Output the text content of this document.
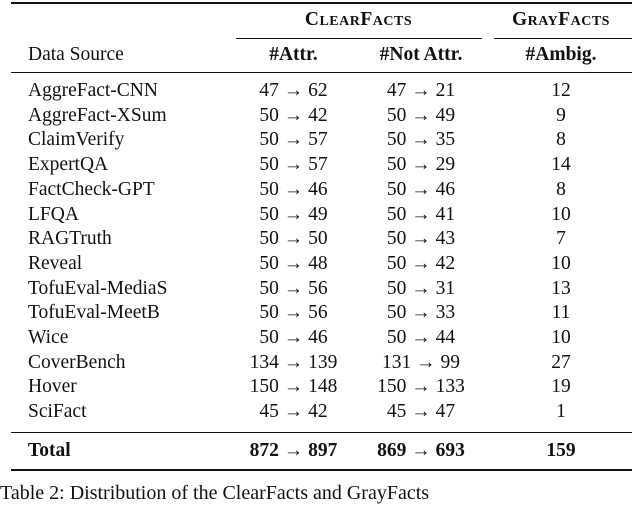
ClearFacts	GrayFacts
Data Source	#Attr.	#Not Attr.	#Ambig.
AggreFact-CNN	47 → 62	47 → 21	12
AggreFact-XSum	50 → 42	50 → 49	9
ClaimVerify	50 → 57	50 → 35	8
ExpertQA	50 → 57	50 → 29	14
FactCheck-GPT	50 → 46	50 → 46	8
LFQA	50 → 49	50 → 41	10
RAGTruth	50 → 50	50 → 43	7
Reveal	50 → 48	50 → 42	10
TofuEval-MediaS	50 → 56	50 → 31	13
TofuEval-MeetB	50 → 56	50 → 33	11
Wice	50 → 46	50 → 44	10
CoverBench	134 → 139	131 → 99	27
Hover	150 → 148	150 → 133	19
SciFact	45 → 42	45 → 47	1
Total	872 → 897	869 → 693	159
Table 2: Distribution of the ClearFacts and GrayFacts
